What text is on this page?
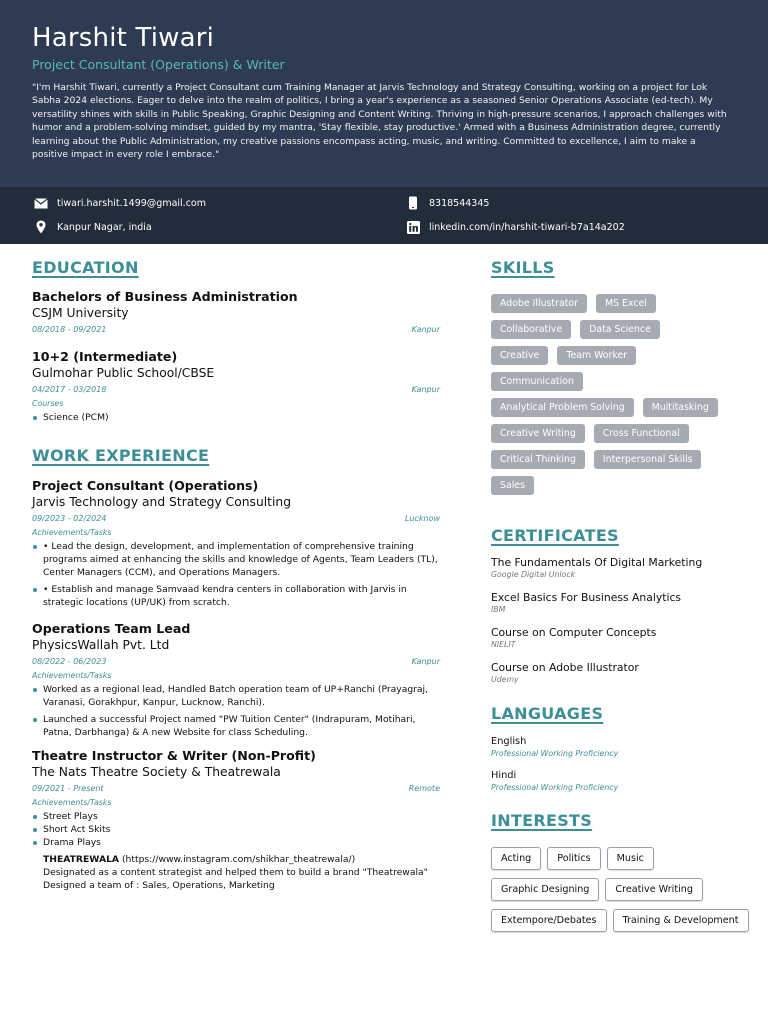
Harshit Tiwari
Project Consultant (Operations) & Writer
"I'm Harshit Tiwari, currently a Project Consultant cum Training Manager at Jarvis Technology and Strategy Consulting, working on a project for Lok Sabha 2024 elections. Eager to delve into the realm of politics, I bring a year's experience as a seasoned Senior Operations Associate (ed-tech). My versatility shines with skills in Public Speaking, Graphic Designing and Content Writing. Thriving in high-pressure scenarios, I approach challenges with humor and a problem-solving mindset, guided by my mantra, 'Stay flexible, stay productive.' Armed with a Business Administration degree, currently learning about the Public Administration, my creative passions encompass acting, music, and writing. Committed to excellence, I aim to make a positive impact in every role I embrace."
tiwari.harshit.1499@gmail.com	8318544345
Kanpur Nagar, india	linkedin.com/in/harshit-tiwari-b7a14a202
EDUCATION
Bachelors of Business Administration
CSJM University
08/2018 - 09/2021	Kanpur
10+2 (Intermediate)
Gulmohar Public School/CBSE
04/2017 - 03/2018	Kanpur
Courses
Science (PCM)
WORK EXPERIENCE
Project Consultant (Operations)
Jarvis Technology and Strategy Consulting
09/2023 - 02/2024	Lucknow
Achievements/Tasks
• Lead the design, development, and implementation of comprehensive training programs aimed at enhancing the skills and knowledge of Agents, Team Leaders (TL), Center Managers (CCM), and Operations Managers.
• Establish and manage Samvaad kendra centers in collaboration with Jarvis in strategic locations (UP/UK) from scratch.
Operations Team Lead
PhysicsWallah Pvt. Ltd
08/2022 - 06/2023	Kanpur
Achievements/Tasks
Worked as a regional lead, Handled Batch operation team of UP+Ranchi (Prayagraj, Varanasi, Gorakhpur, Kanpur, Lucknow, Ranchi).
Launched a successful Project named "PW Tuition Center" (Indrapuram, Motihari, Patna, Darbhanga) & A new Website for class Scheduling.
Theatre Instructor & Writer (Non-Profit)
The Nats Theatre Society & Theatrewala
09/2021 - Present	Remote
Achievements/Tasks
Street Plays
Short Act Skits
Drama Plays
THEATREWALA (https://www.instagram.com/shikhar_theatrewala/)
Designated as a content strategist and helped them to build a brand "Theatrewala"
Designed a team of : Sales, Operations, Marketing
SKILLS
Adobe Illustrator	MS Excel
Collaborative	Data Science
Creative	Team Worker
Communication
Analytical Problem Solving	Multitasking
Creative Writing	Cross Functional
Critical Thinking	Interpersonal Skills
Sales
CERTIFICATES
The Fundamentals Of Digital Marketing
Google Digital Unlock
Excel Basics For Business Analytics
IBM
Course on Computer Concepts
NIELIT
Course on Adobe Illustrator
Udemy
LANGUAGES
English
Professional Working Proficiency
Hindi
Professional Working Proficiency
INTERESTS
Acting	Politics	Music
Graphic Designing	Creative Writing
Extempore/Debates	Training & Development
